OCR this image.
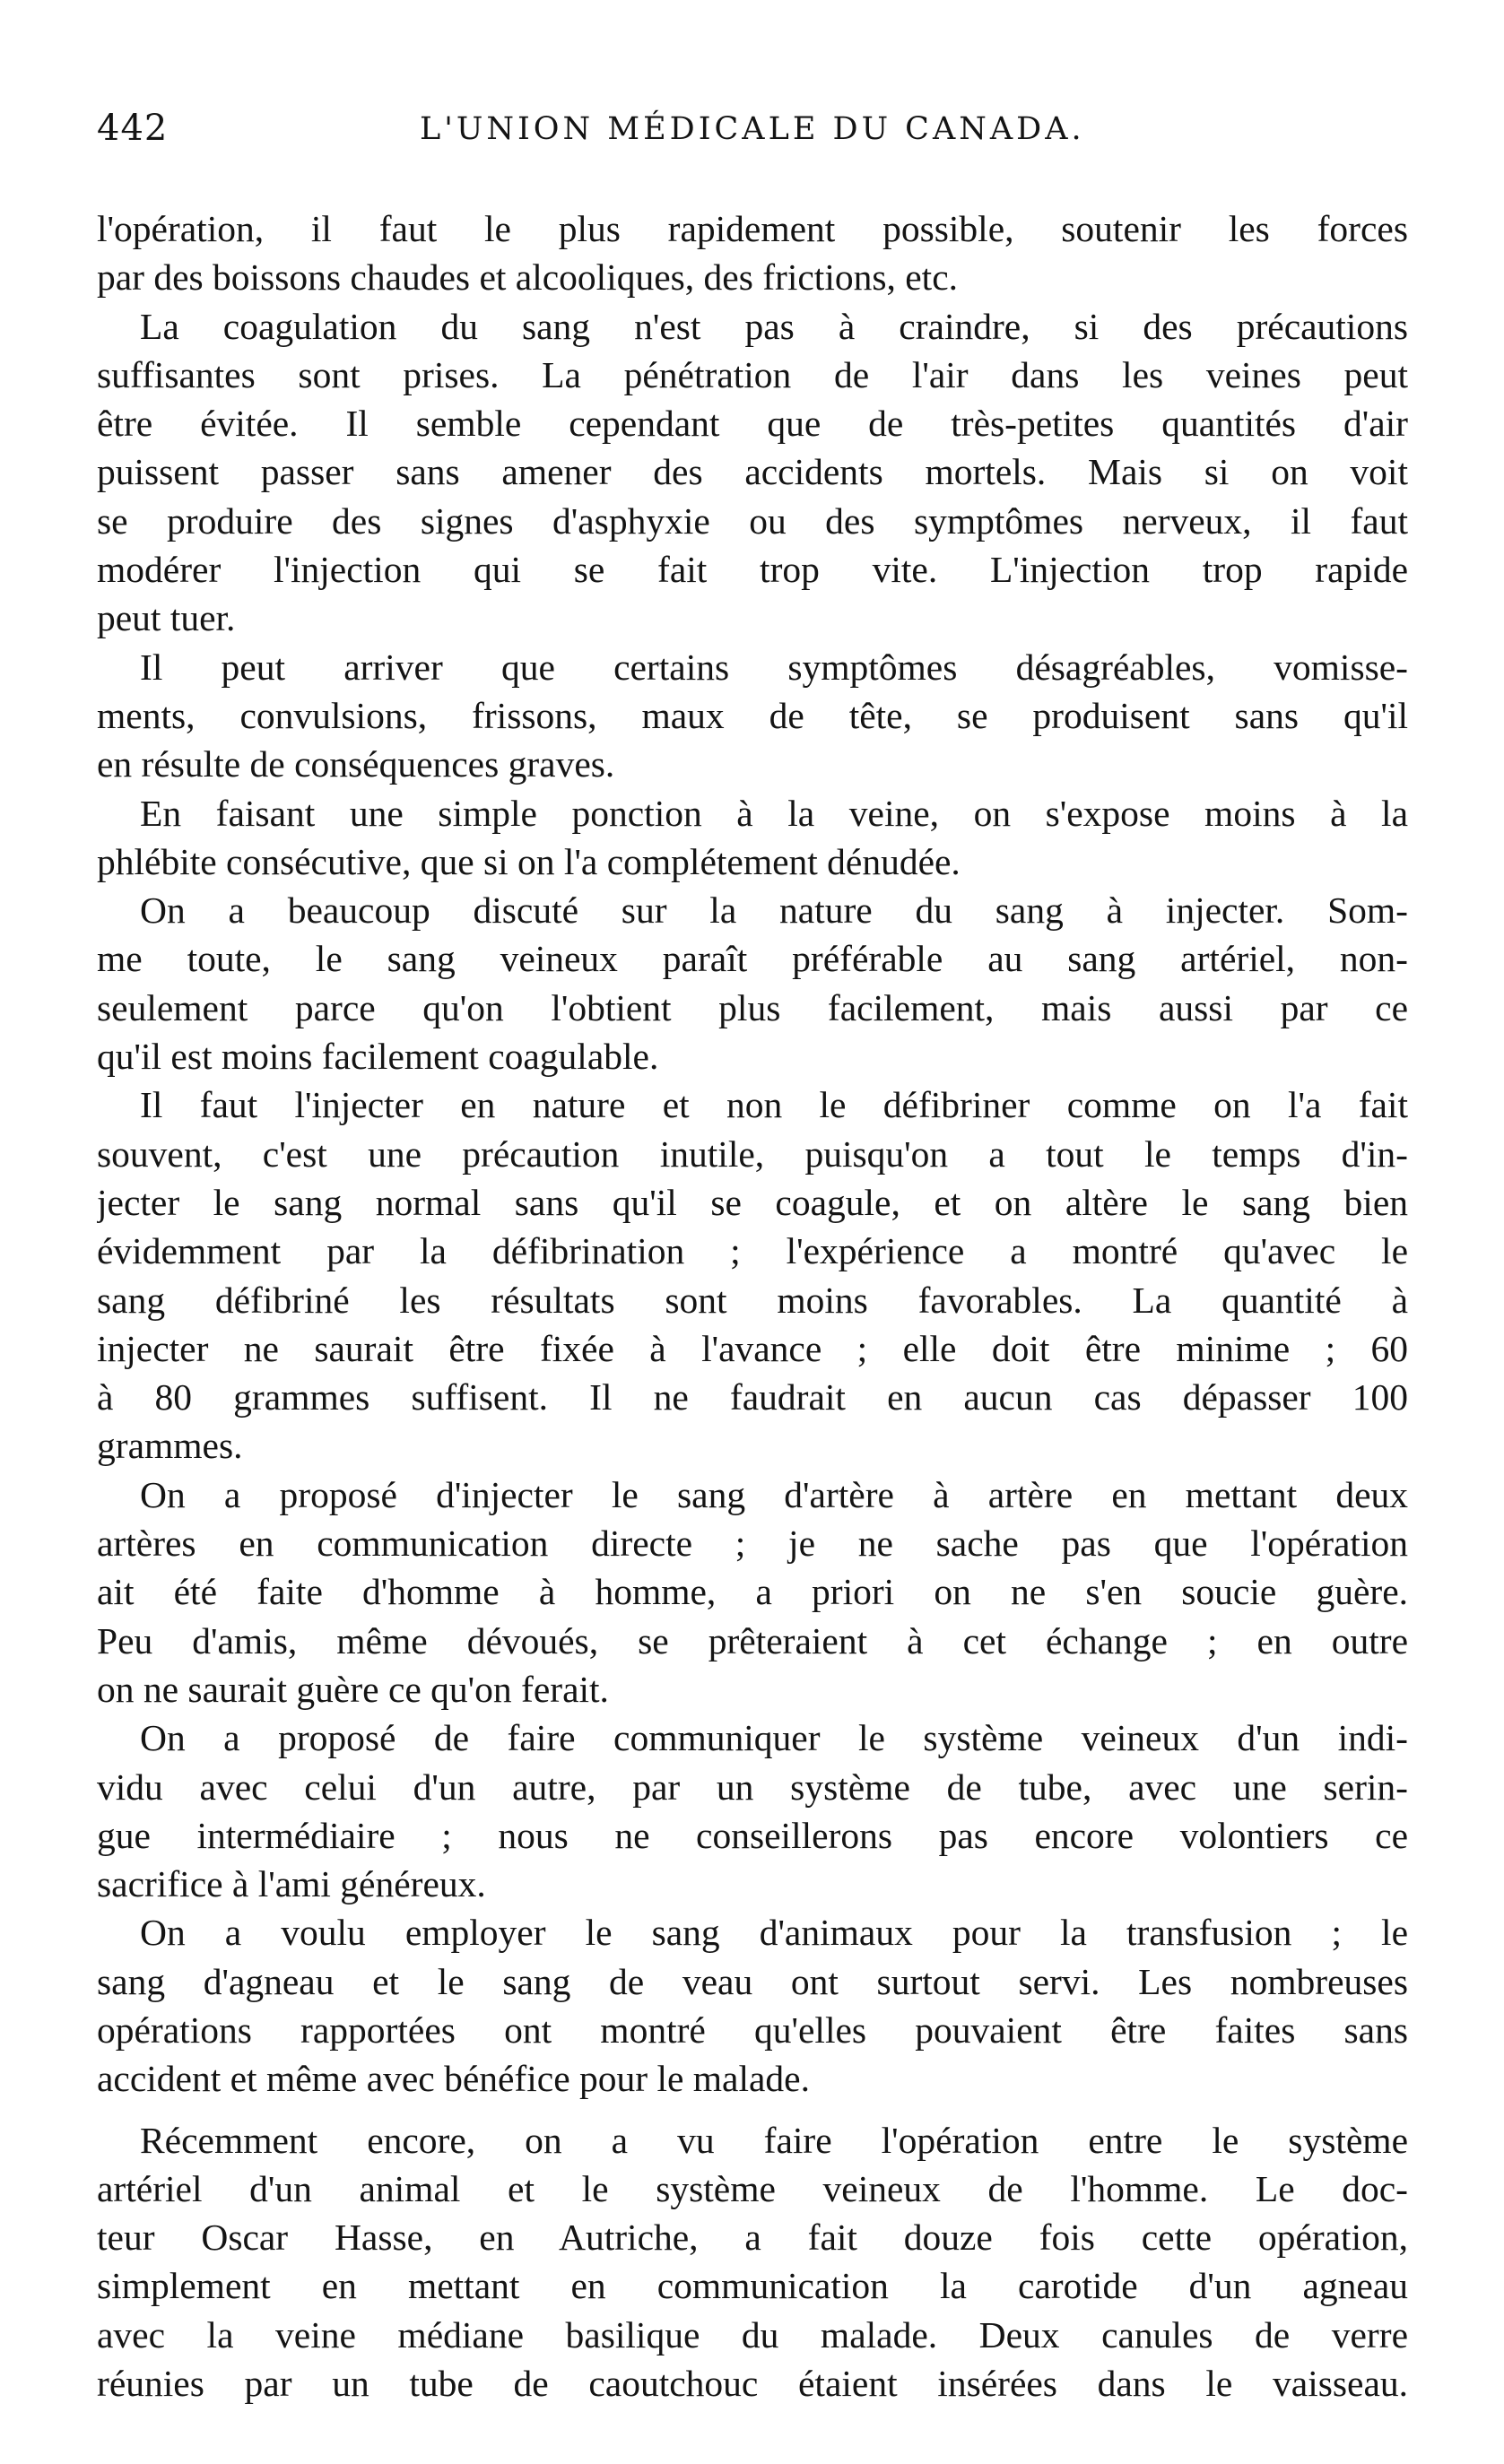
442	L'UNION MÉDICALE DU CANADA.
l'opération, il faut le plus rapidement possible, soutenir les forces
par des boissons chaudes et alcooliques, des frictions, etc.
La coagulation du sang n'est pas à craindre, si des précautions
suffisantes sont prises. La pénétration de l'air dans les veines peut
être évitée. Il semble cependant que de très-petites quantités d'air
puissent passer sans amener des accidents mortels. Mais si on voit
se produire des signes d'asphyxie ou des symptômes nerveux, il faut
modérer l'injection qui se fait trop vite. L'injection trop rapide
peut tuer.
Il peut arriver que certains symptômes désagréables, vomisse-
ments, convulsions, frissons, maux de tête, se produisent sans qu'il
en résulte de conséquences graves.
En faisant une simple ponction à la veine, on s'expose moins à la
phlébite consécutive, que si on l'a complétement dénudée.
On a beaucoup discuté sur la nature du sang à injecter. Som-
me toute, le sang veineux paraît préférable au sang artériel, non-
seulement parce qu'on l'obtient plus facilement, mais aussi par ce
qu'il est moins facilement coagulable.
Il faut l'injecter en nature et non le défibriner comme on l'a fait
souvent, c'est une précaution inutile, puisqu'on a tout le temps d'in-
jecter le sang normal sans qu'il se coagule, et on altère le sang bien
évidemment par la défibrination ; l'expérience a montré qu'avec le
sang défibriné les résultats sont moins favorables. La quantité à
injecter ne saurait être fixée à l'avance ; elle doit être minime ; 60
à 80 grammes suffisent. Il ne faudrait en aucun cas dépasser 100
grammes.
On a proposé d'injecter le sang d'artère à artère en mettant deux
artères en communication directe ; je ne sache pas que l'opération
ait été faite d'homme à homme, a priori on ne s'en soucie guère.
Peu d'amis, même dévoués, se prêteraient à cet échange ; en outre
on ne saurait guère ce qu'on ferait.
On a proposé de faire communiquer le système veineux d'un indi-
vidu avec celui d'un autre, par un système de tube, avec une serin-
gue intermédiaire ; nous ne conseillerons pas encore volontiers ce
sacrifice à l'ami généreux.
On a voulu employer le sang d'animaux pour la transfusion ; le
sang d'agneau et le sang de veau ont surtout servi. Les nombreuses
opérations rapportées ont montré qu'elles pouvaient être faites sans
accident et même avec bénéfice pour le malade.
Récemment encore, on a vu faire l'opération entre le système
artériel d'un animal et le système veineux de l'homme. Le doc-
teur Oscar Hasse, en Autriche, a fait douze fois cette opération,
simplement en mettant en communication la carotide d'un agneau
avec la veine médiane basilique du malade. Deux canules de verre
réunies par un tube de caoutchouc étaient insérées dans le vaisseau.
